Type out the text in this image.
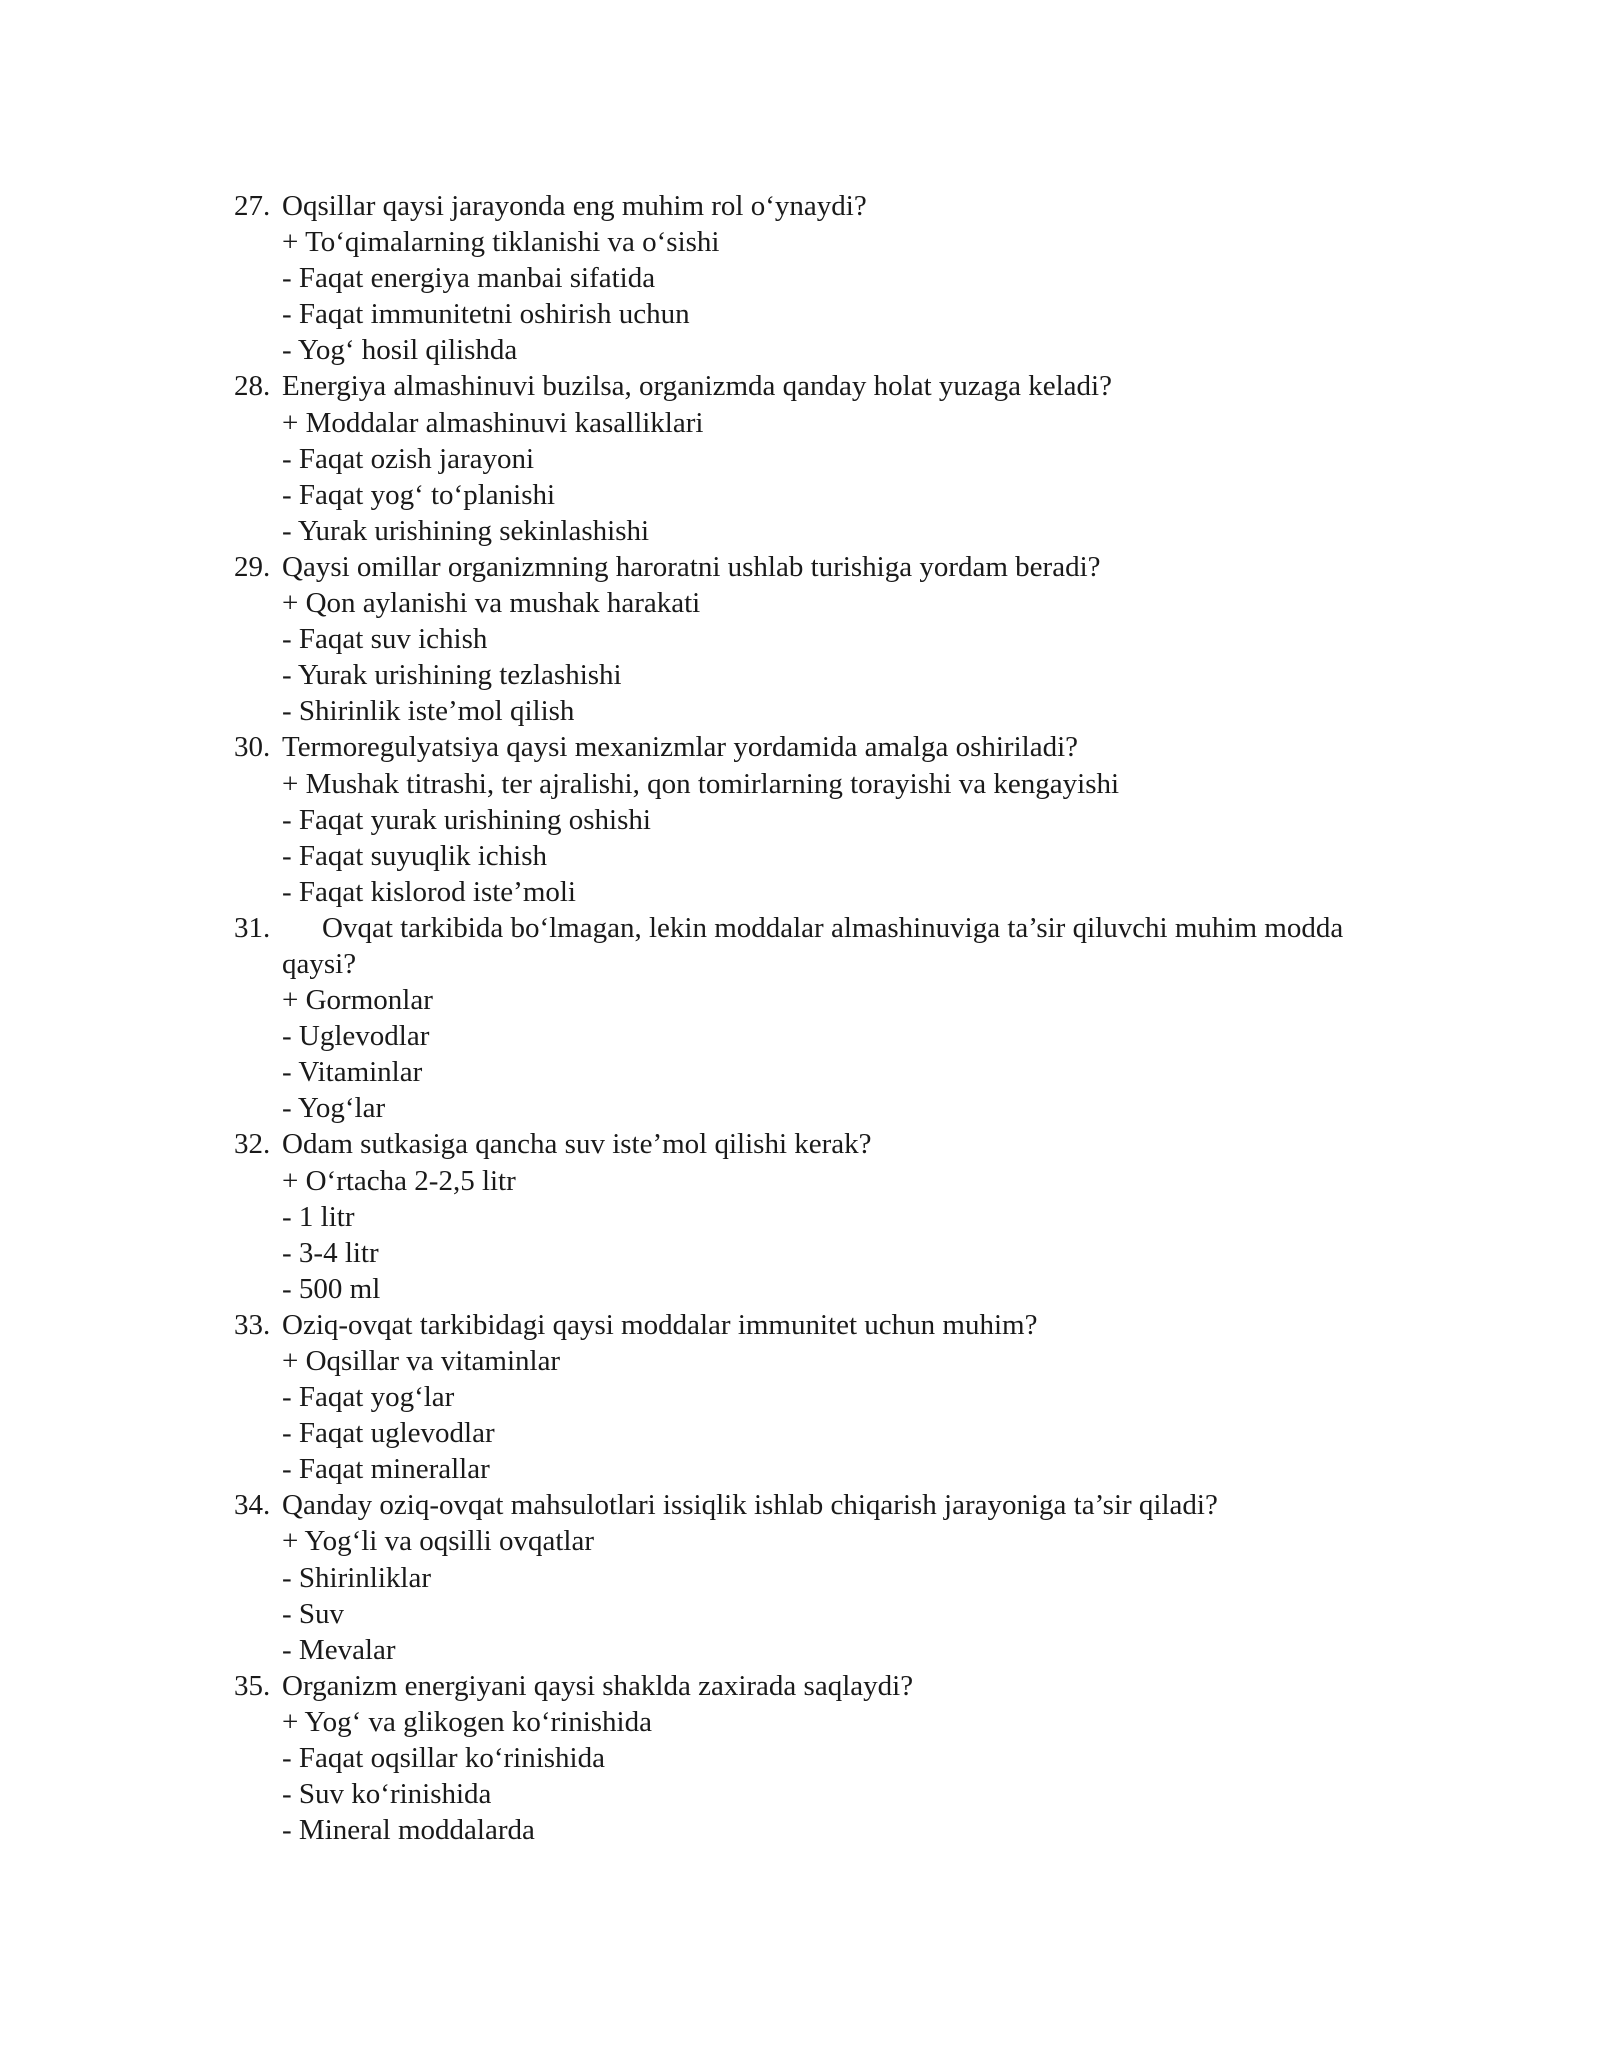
27. Oqsillar qaysi jarayonda eng muhim rol o‘ynaydi?
+ To‘qimalarning tiklanishi va o‘sishi
- Faqat energiya manbai sifatida
- Faqat immunitetni oshirish uchun
- Yog‘ hosil qilishda
28. Energiya almashinuvi buzilsa, organizmda qanday holat yuzaga keladi?
+ Moddalar almashinuvi kasalliklari
- Faqat ozish jarayoni
- Faqat yog‘ to‘planishi
- Yurak urishining sekinlashishi
29. Qaysi omillar organizmning haroratni ushlab turishiga yordam beradi?
+ Qon aylanishi va mushak harakati
- Faqat suv ichish
- Yurak urishining tezlashishi
- Shirinlik iste’mol qilish
30. Termoregulyatsiya qaysi mexanizmlar yordamida amalga oshiriladi?
+ Mushak titrashi, ter ajralishi, qon tomirlarning torayishi va kengayishi
- Faqat yurak urishining oshishi
- Faqat suyuqlik ichish
- Faqat kislorod iste’moli
31.	Ovqat tarkibida bo‘lmagan, lekin moddalar almashinuviga ta’sir qiluvchi muhim modda qaysi?
+ Gormonlar
- Uglevodlar
- Vitaminlar
- Yog‘lar
32. Odam sutkasiga qancha suv iste’mol qilishi kerak?
+ O‘rtacha 2-2,5 litr
- 1 litr
- 3-4 litr
- 500 ml
33. Oziq-ovqat tarkibidagi qaysi moddalar immunitet uchun muhim?
+ Oqsillar va vitaminlar
- Faqat yog‘lar
- Faqat uglevodlar
- Faqat minerallar
34. Qanday oziq-ovqat mahsulotlari issiqlik ishlab chiqarish jarayoniga ta’sir qiladi?
+ Yog‘li va oqsilli ovqatlar
- Shirinliklar
- Suv
- Mevalar
35. Organizm energiyani qaysi shaklda zaxirada saqlaydi?
+ Yog‘ va glikogen ko‘rinishida
- Faqat oqsillar ko‘rinishida
- Suv ko‘rinishida
- Mineral moddalarda
